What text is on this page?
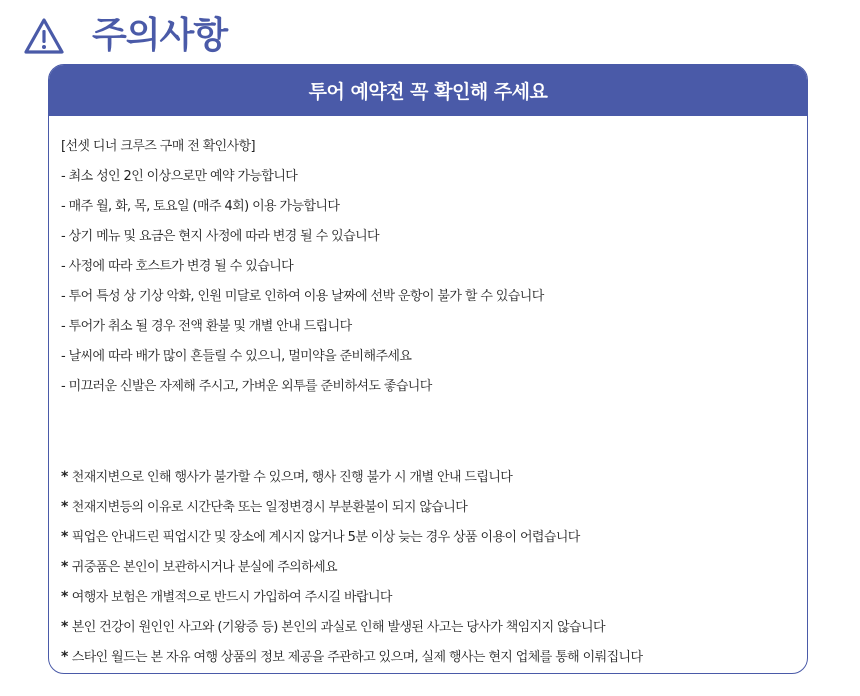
주의사항
투어 예약전 꼭 확인해 주세요
[선셋 디너 크루즈 구매 전 확인사항]
- 최소 성인 2인 이상으로만 예약 가능합니다
- 매주 월, 화, 목, 토요일 (매주 4회) 이용 가능합니다
- 상기 메뉴 및 요금은 현지 사정에 따라 변경 될 수 있습니다
- 사정에 따라 호스트가 변경 될 수 있습니다
- 투어 특성 상 기상 악화, 인원 미달로 인하여 이용 날짜에 선박 운항이 불가 할 수 있습니다
- 투어가 취소 될 경우 전액 환불 및 개별 안내 드립니다
- 날씨에 따라 배가 많이 흔들릴 수 있으니, 멀미약을 준비해주세요
- 미끄러운 신발은 자제해 주시고, 가벼운 외투를 준비하셔도 좋습니다
* 천재지변으로 인해 행사가 불가할 수 있으며, 행사 진행 불가 시 개별 안내 드립니다
* 천재지변등의 이유로 시간단축 또는 일정변경시 부분환불이 되지 않습니다
* 픽업은 안내드린 픽업시간 및 장소에 계시지 않거나 5분 이상 늦는 경우 상품 이용이 어렵습니다
* 귀중품은 본인이 보관하시거나 분실에 주의하세요
* 여행자 보험은 개별적으로 반드시 가입하여 주시길 바랍니다
* 본인 건강이 원인인 사고와 (기왕증 등) 본인의 과실로 인해 발생된 사고는 당사가 책임지지 않습니다
* 스타인 월드는 본 자유 여행 상품의 정보 제공을 주관하고 있으며, 실제 행사는 현지 업체를 통해 이뤄집니다
